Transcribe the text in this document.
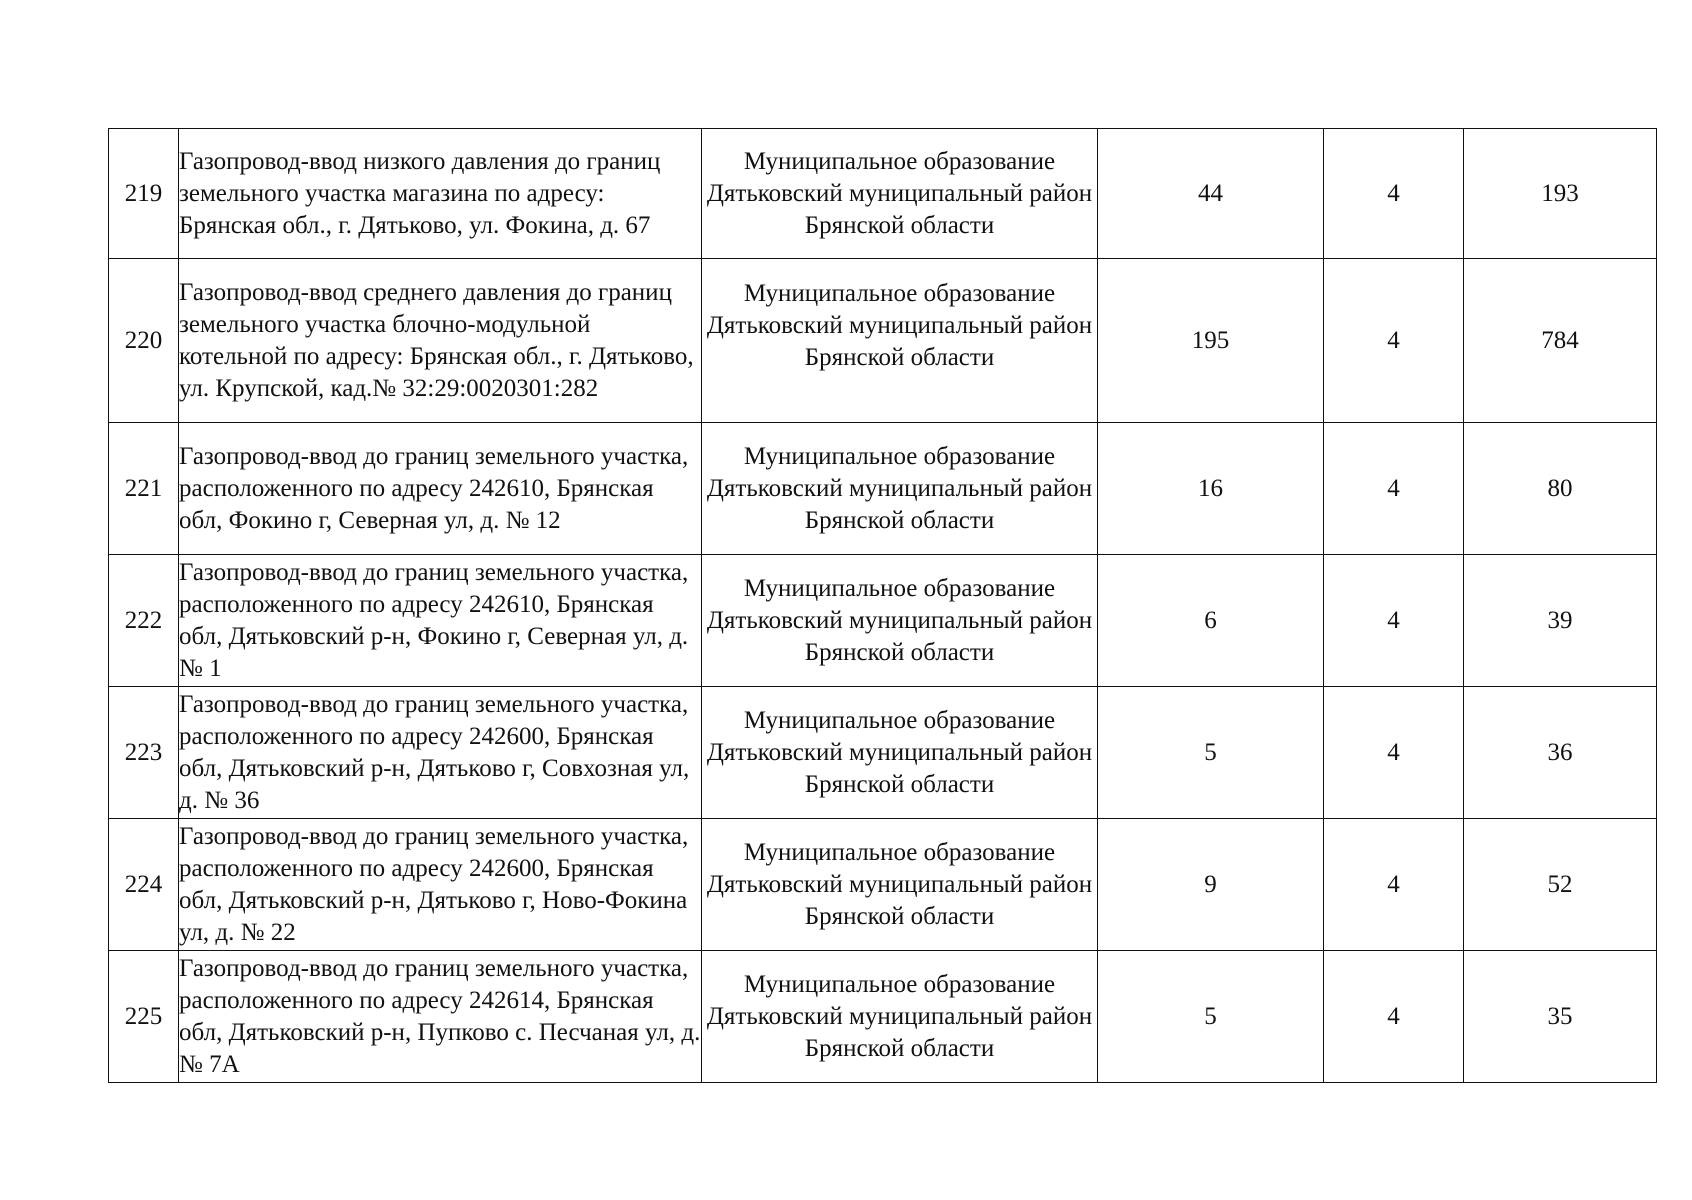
219	Газопровод-ввод низкого давления до границ земельного участка магазина по адресу: Брянская обл., г. Дятьково, ул. Фокина, д. 67	Муниципальное образование Дятьковский муниципальный район Брянской области	44	4	193
220	Газопровод-ввод среднего давления до границ земельного участка блочно-модульной котельной по адресу: Брянская обл., г. Дятьково, ул. Крупской, кад.№ 32:29:0020301:282	Муниципальное образование Дятьковский муниципальный район Брянской области	195	4	784
221	Газопровод-ввод до границ земельного участка, расположенного по адресу 242610, Брянская обл, Фокино г, Северная ул, д. № 12	Муниципальное образование Дятьковский муниципальный район Брянской области	16	4	80
222	Газопровод-ввод до границ земельного участка, расположенного по адресу 242610, Брянская обл, Дятьковский р-н, Фокино г, Северная ул, д. № 1	Муниципальное образование Дятьковский муниципальный район Брянской области	6	4	39
223	Газопровод-ввод до границ земельного участка, расположенного по адресу 242600, Брянская обл, Дятьковский р-н, Дятьково г, Совхозная ул, д. № 36	Муниципальное образование Дятьковский муниципальный район Брянской области	5	4	36
224	Газопровод-ввод до границ земельного участка, расположенного по адресу 242600, Брянская обл, Дятьковский р-н, Дятьково г, Ново-Фокина ул, д. № 22	Муниципальное образование Дятьковский муниципальный район Брянской области	9	4	52
225	Газопровод-ввод до границ земельного участка, расположенного по адресу 242614, Брянская обл, Дятьковский р-н, Пупково с. Песчаная ул, д. № 7А	Муниципальное образование Дятьковский муниципальный район Брянской области	5	4	35
